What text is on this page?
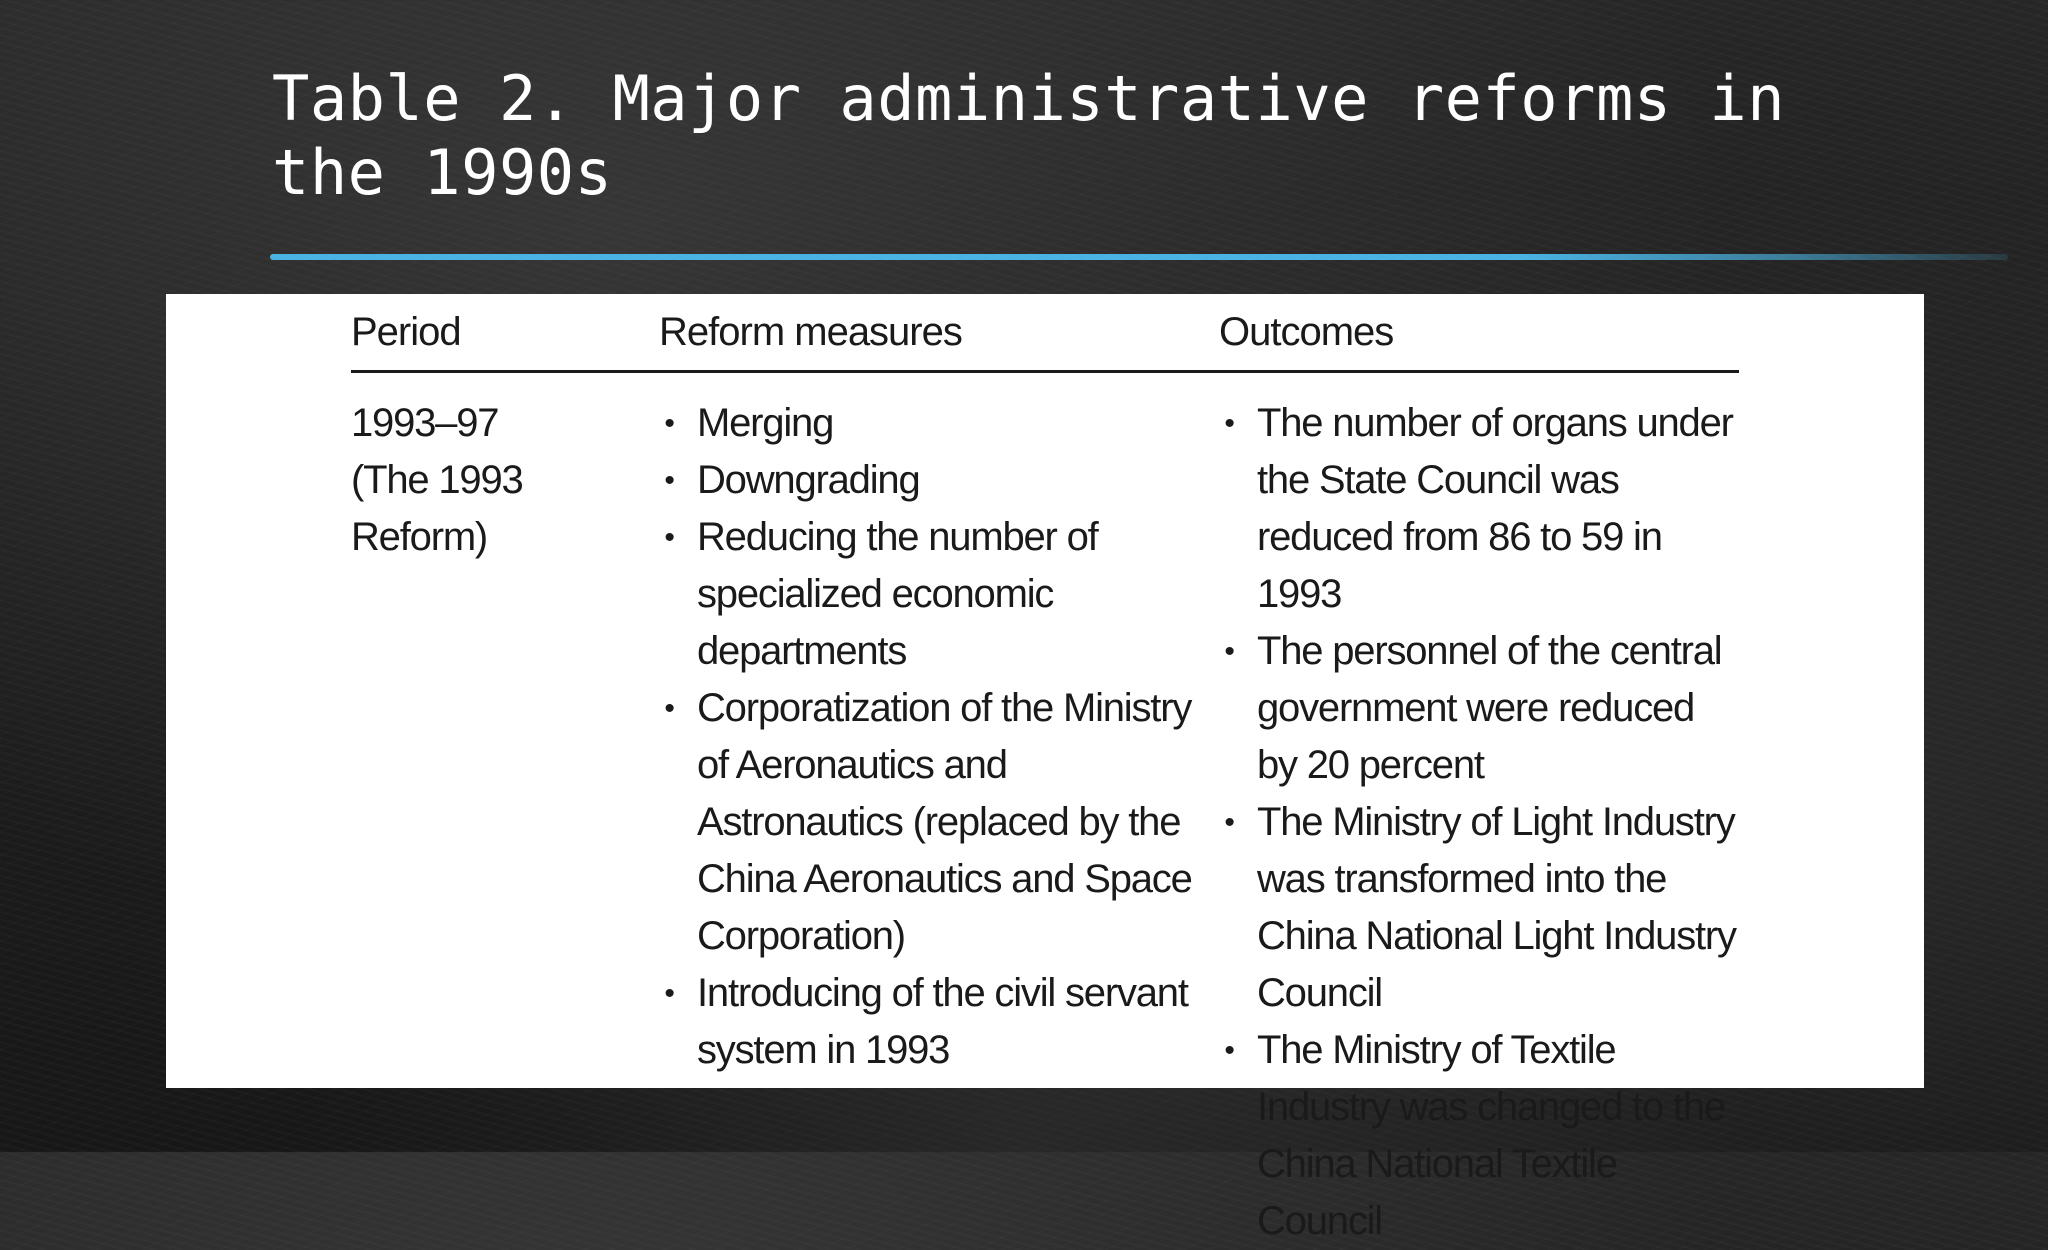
Table 2. Major administrative reforms in the 1990s
Period	Reform measures	Outcomes
1993–97
(The 1993
Reform)
• Merging
• Downgrading
• Reducing the number of specialized economic departments
• Corporatization of the Ministry of Aeronautics and Astronautics (replaced by the China Aeronautics and Space Corporation)
• Introducing of the civil servant system in 1993
• The number of organs under the State Council was reduced from 86 to 59 in 1993
• The personnel of the central government were reduced by 20 percent
• The Ministry of Light Industry was transformed into the China National Light Industry Council
• The Ministry of Textile Industry was changed to the China National Textile Council
